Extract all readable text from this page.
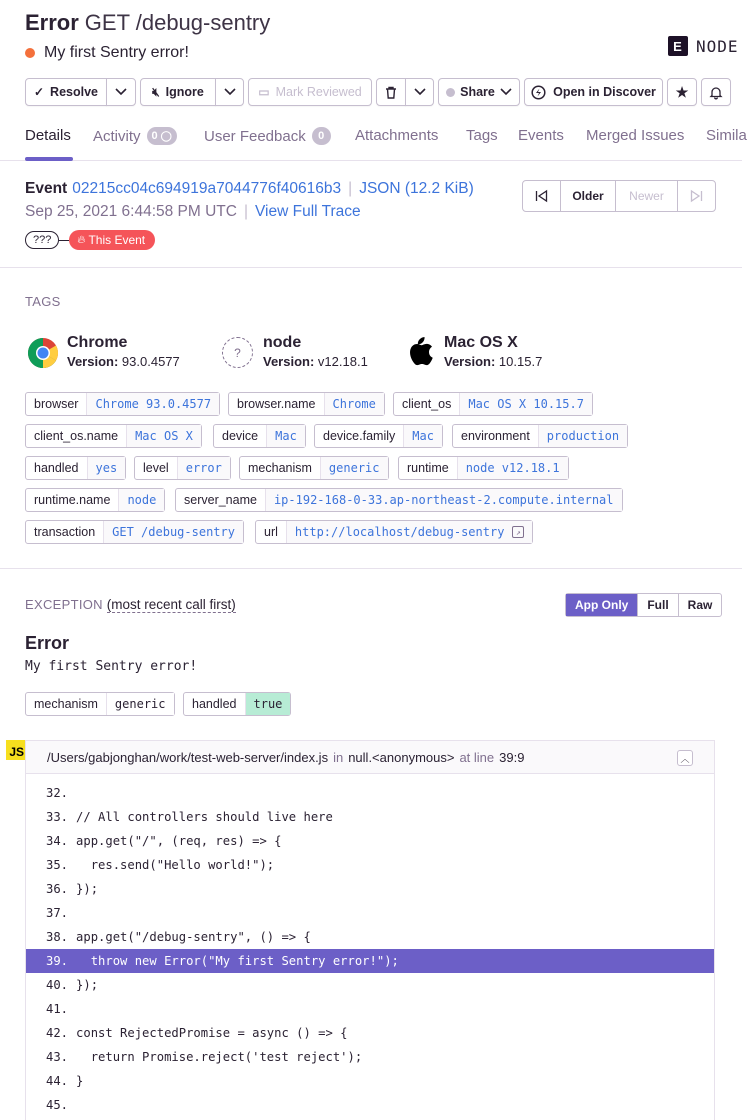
Error GET /debug-sentry
My first Sentry error!	E NODE
✓ Resolve	🔇︎ Ignore	▭ Mark Reviewed	Share	Open in Discover ★
Details Activity 0 ◯ User Feedback	0	Attachments Tags Events Merged Issues Simila
Event 02215cc04c694919a7044776f40616b3 | JSON (12.2 KiB)
Sep 25, 2021 6:44:58 PM UTC | View Full Trace
???	🔥︎ This Event
Older	Newer
TAGS
Chrome
Version: 93.0.4577
?
node
Version: v12.18.1
Mac OS X
Version: 10.15.7
browser	Chrome 93.0.4577	browser.name	Chrome	client_os	Mac OS X 10.15.7
client_os.name	Mac OS X	device	Mac	device.family	Mac	environment	production
handled	yes	level	error	mechanism	generic	runtime	node v12.18.1
runtime.name	node	server_name	ip-192-168-0-33.ap-northeast-2.compute.internal
transaction	GET /debug-sentry	url	http://localhost/debug-sentry	↗
EXCEPTION (most recent call first)	App Only	Full	Raw
Error
My first Sentry error!
mechanism	generic	handled	true
JS /Users/gabjonghan/work/test-web-server/index.js in null.<anonymous> at line 39:9	︿
32.
33. // All controllers should live here
34. app.get("/", (req, res) => {
35. res.send("Hello world!");
36. });
37.
38. app.get("/debug-sentry", () => {
39. throw new Error("My first Sentry error!");
40. });
41.
42. const RejectedPromise = async () => {
43. return Promise.reject('test reject');
44. }
45.
